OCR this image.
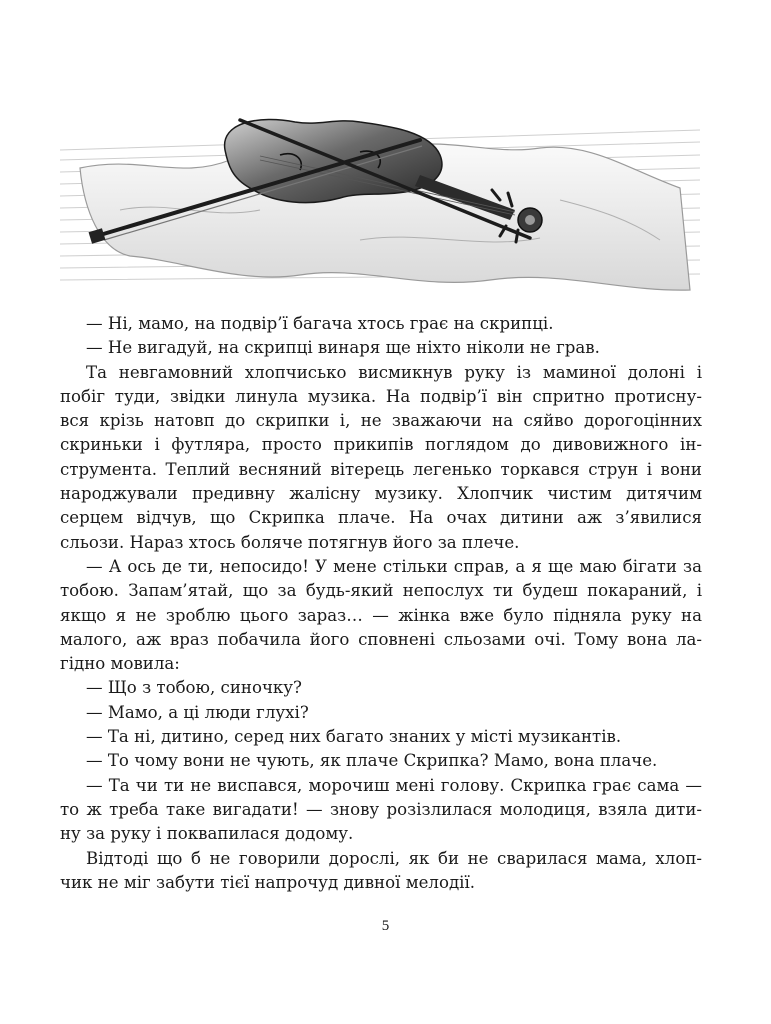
— Ні, мамо, на подвір’ї багача хтось грає на скрипці.
— Не вигадуй, на скрипці винаря ще ніхто ніколи не грав.
Та невгамовний хлопчисько висмикнув руку із маминої долоні і
побіг туди, звідки линула музика. На подвір’ї він спритно протисну-
вся крізь натовп до скрипки і, не зважаючи на сяйво дорогоцінних
скриньки і футляра, просто прикипів поглядом до дивовижного ін-
струмента. Теплий весняний вітерець легенько торкався струн і вони
народжували предивну жалісну музику. Хлопчик чистим дитячим
серцем відчув, що Скрипка плаче. На очах дитини аж з’явилися
сльози. Нараз хтось боляче потягнув його за плече.
— А ось де ти, непосидо! У мене стільки справ, а я ще маю бігати за
тобою. Запам’ятай, що за будь-який непослух ти будеш покараний, і
якщо я не зроблю цього зараз… — жінка вже було підняла руку на
малого, аж враз побачила його сповнені сльозами очі. Тому вона ла-
гідно мовила:
— Що з тобою, синочку?
— Мамо, а ці люди глухі?
— Та ні, дитино, серед них багато знаних у місті музикантів.
— То чому вони не чують, як плаче Скрипка? Мамо, вона плаче.
— Та чи ти не виспався, морочиш мені голову. Скрипка грає сама —
то ж треба таке вигадати! — знову розізлилася молодиця, взяла дити-
ну за руку і поквапилася додому.
Відтоді що б не говорили дорослі, як би не сварилася мама, хлоп-
чик не міг забути тієї напрочуд дивної мелодії.
5
